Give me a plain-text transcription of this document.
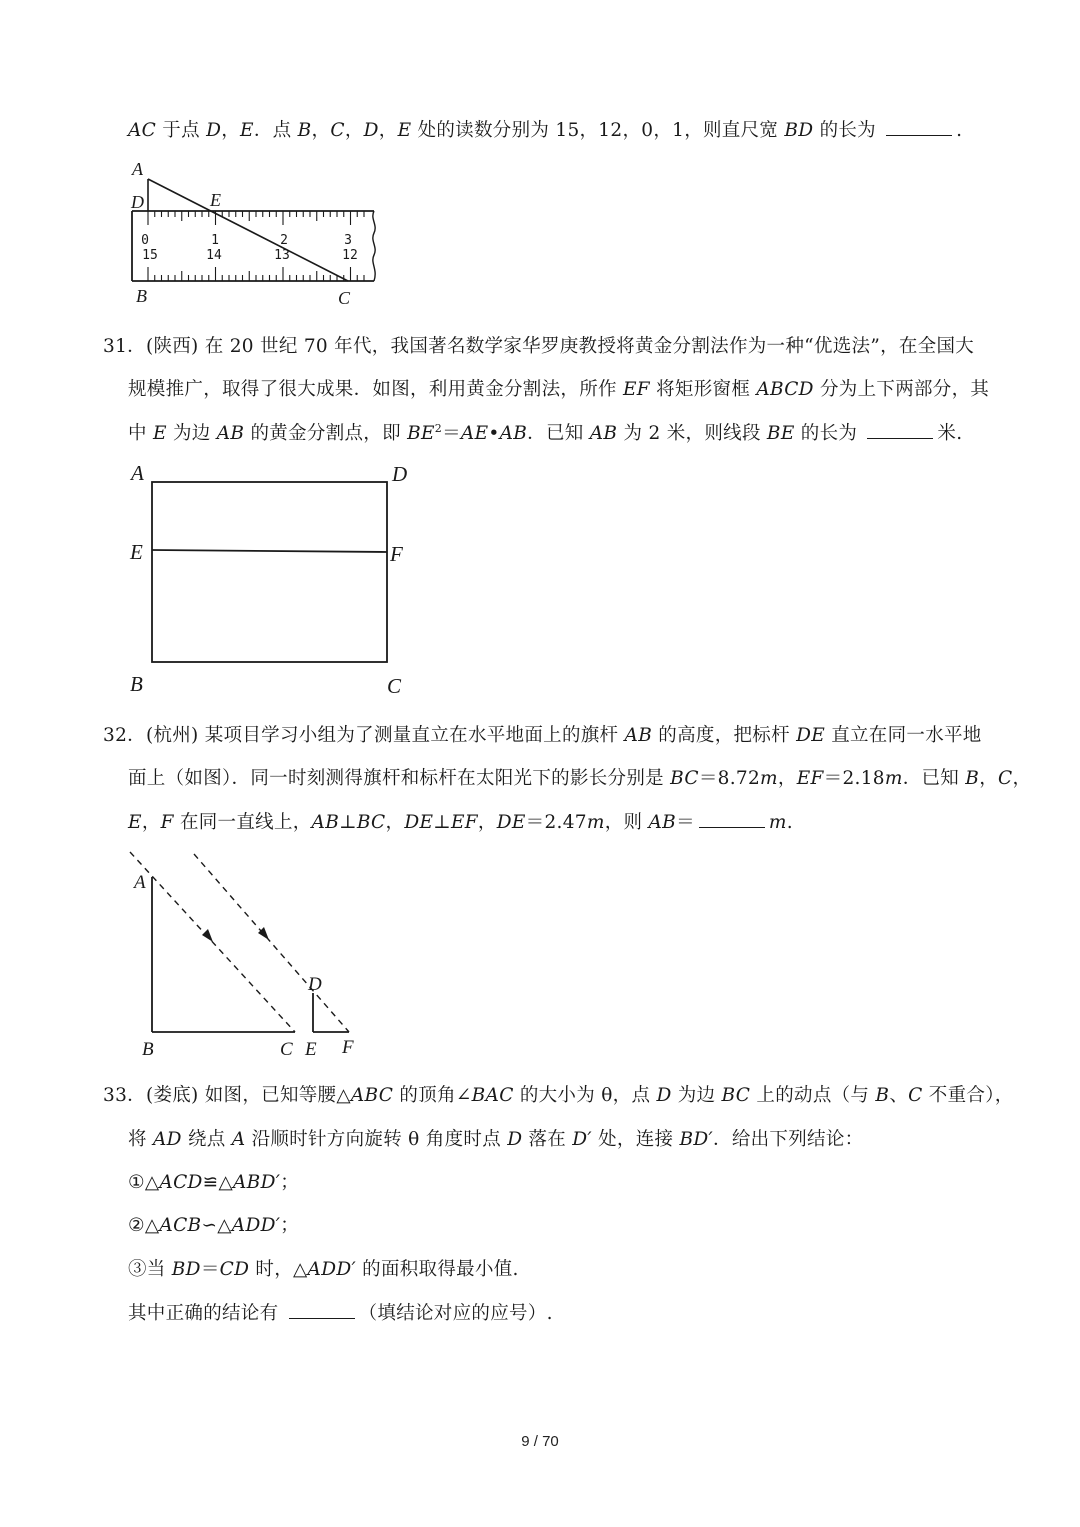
AC 于点 D，E．点 B，C，D，E 处的读数分别为 15，12，0，1，则直尺宽 BD 的长为	.
0	1	2	3
15	14	13	12
A
D	E
B	C
31．(陕西) 在 20 世纪 70 年代，我国著名数学家华罗庚教授将黄金分割法作为一种“优选法”，在全国大
规模推广，取得了很大成果．如图，利用黄金分割法，所作 EF 将矩形窗框 ABCD 分为上下两部分，其
中 E 为边 AB 的黄金分割点，即 $BE^2=AE•AB$．已知 AB 为 2 米，则线段 BE 的长为	米.
A	D
E	F
B	C
32．(杭州) 某项目学习小组为了测量直立在水平地面上的旗杆 AB 的高度，把标杆 DE 直立在同一水平地
面上（如图）．同一时刻测得旗杆和标杆在太阳光下的影长分别是 BC＝8.72m，EF＝2.18m．已知 B，C，
E，F 在同一直线上，AB⊥BC，DE⊥EF，DE＝2.47m，则 AB＝	m.
A
D
B	C E F
33．(娄底) 如图，已知等腰△ABC 的顶角∠BAC 的大小为 θ，点 D 为边 BC 上的动点（与 B、C 不重合），
将 AD 绕点 A 沿顺时针方向旋转 θ 角度时点 D 落在 D′ 处，连接 BD′．给出下列结论：
①△ACD≌△ABD′；
②△ACB∽△ADD′；
③当 BD＝CD 时，△ADD′ 的面积取得最小值.
其中正确的结论有	（填结论对应的应号）.
9 / 70
